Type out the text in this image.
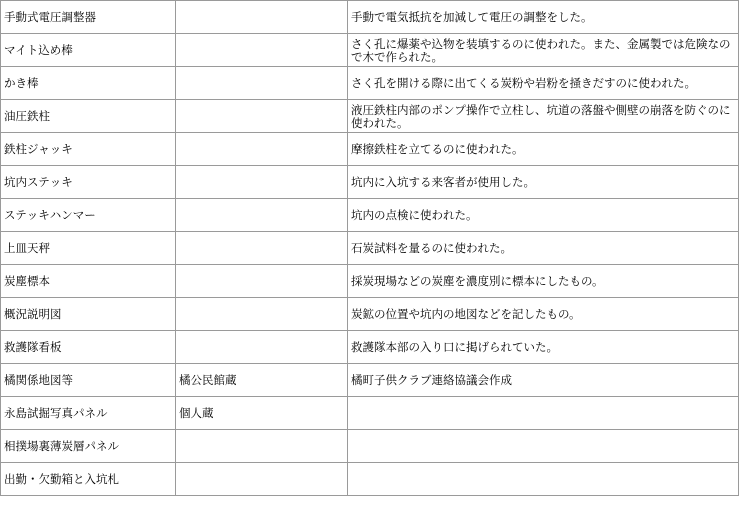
手動式電圧調整器		手動で電気抵抗を加減して電圧の調整をした。
マイト込め棒		さく孔に爆薬や込物を装填するのに使われた。また、金属製では危険なので木で作られた。
かき棒		さく孔を開ける際に出てくる炭粉や岩粉を掻きだすのに使われた。
油圧鉄柱		液圧鉄柱内部のポンプ操作で立柱し、坑道の落盤や側壁の崩落を防ぐのに使われた。
鉄柱ジャッキ		摩擦鉄柱を立てるのに使われた。
坑内ステッキ		坑内に入坑する来客者が使用した。
ステッキハンマー		坑内の点検に使われた。
上皿天秤		石炭試料を量るのに使われた。
炭塵標本		採炭現場などの炭塵を濃度別に標本にしたもの。
概況説明図		炭鉱の位置や坑内の地図などを記したもの。
救護隊看板		救護隊本部の入り口に掲げられていた。
橘関係地図等	橘公民館蔵	橘町子供クラブ連絡協議会作成
永島試掘写真パネル	個人蔵	
相撲場裏薄炭層パネル		
出勤・欠勤箱と入坑札		
